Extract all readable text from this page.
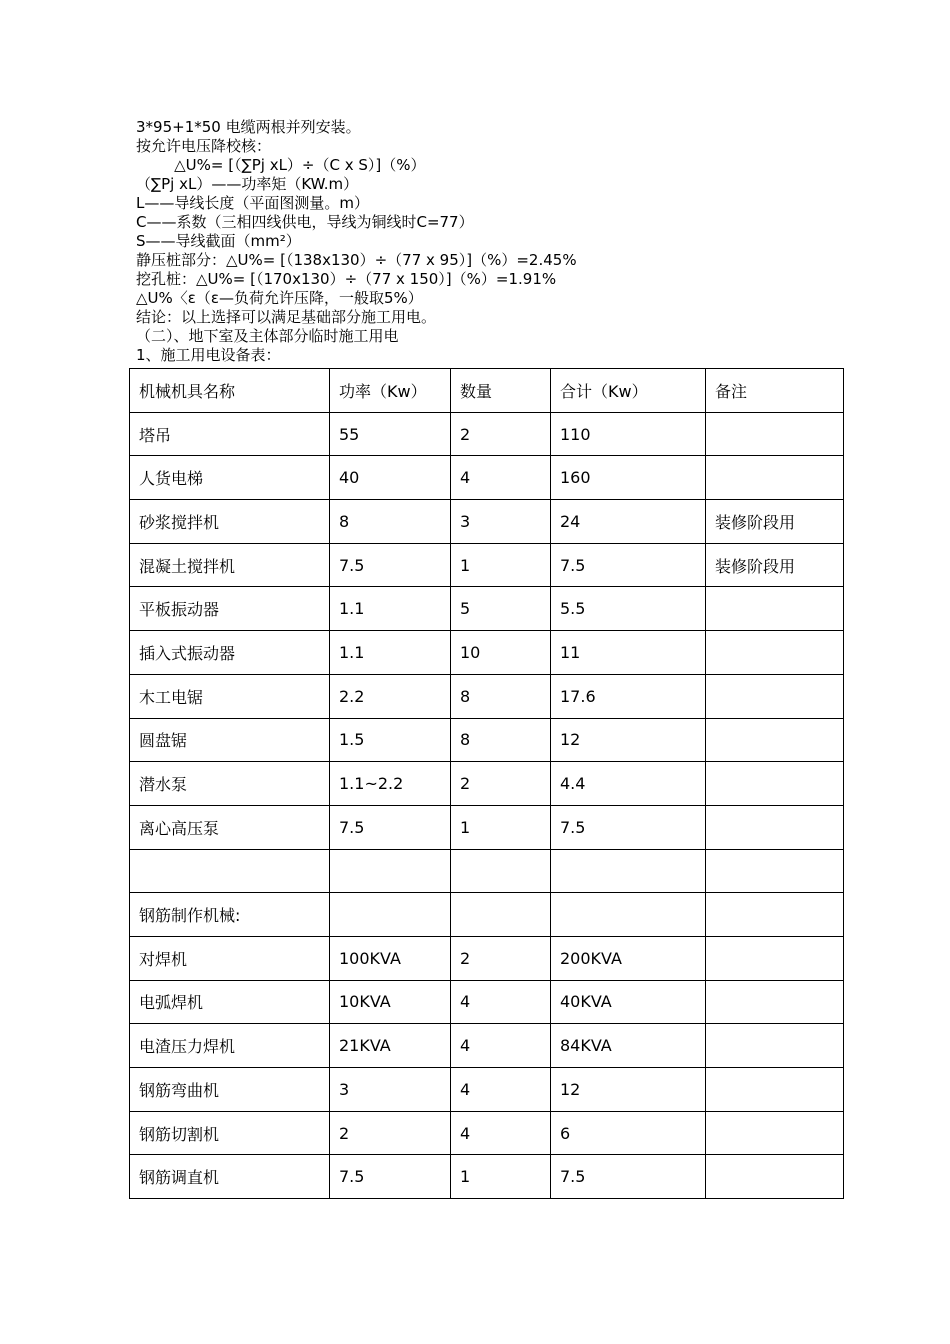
3*95+1*50 电缆两根并列安装。
按允许电压降校核：
△U%= [（∑Pj xL）÷（C x S）]（%）
（∑Pj xL）——功率矩（KW.m）
L——导线长度（平面图测量。m）
C——系数（三相四线供电，导线为铜线时C=77）
S——导线截面（mm²）
静压桩部分：△U%= [（138x130）÷（77 x 95）]（%）=2.45%
挖孔桩：△U%= [（170x130）÷（77 x 150）]（%）=1.91%
△U%〈ε（ε—负荷允许压降，一般取5%）
结论：以上选择可以满足基础部分施工用电。
（二）、地下室及主体部分临时施工用电
1、施工用电设备表：
机械机具名称	功率（Kw）	数量	合计（Kw）	备注
塔吊	55	2	110	
人货电梯	40	4	160	
砂浆搅拌机	8	3	24	装修阶段用
混凝土搅拌机	7.5	1	7.5	装修阶段用
平板振动器	1.1	5	5.5	
插入式振动器	1.1	10	11	
木工电锯	2.2	8	17.6	
圆盘锯	1.5	8	12	
潜水泵	1.1~2.2	2	4.4	
离心高压泵	7.5	1	7.5	

钢筋制作机械:				
对焊机	100KVA	2	200KVA	
电弧焊机	10KVA	4	40KVA	
电渣压力焊机	21KVA	4	84KVA	
钢筋弯曲机	3	4	12	
钢筋切割机	2	4	6	
钢筋调直机	7.5	1	7.5	
